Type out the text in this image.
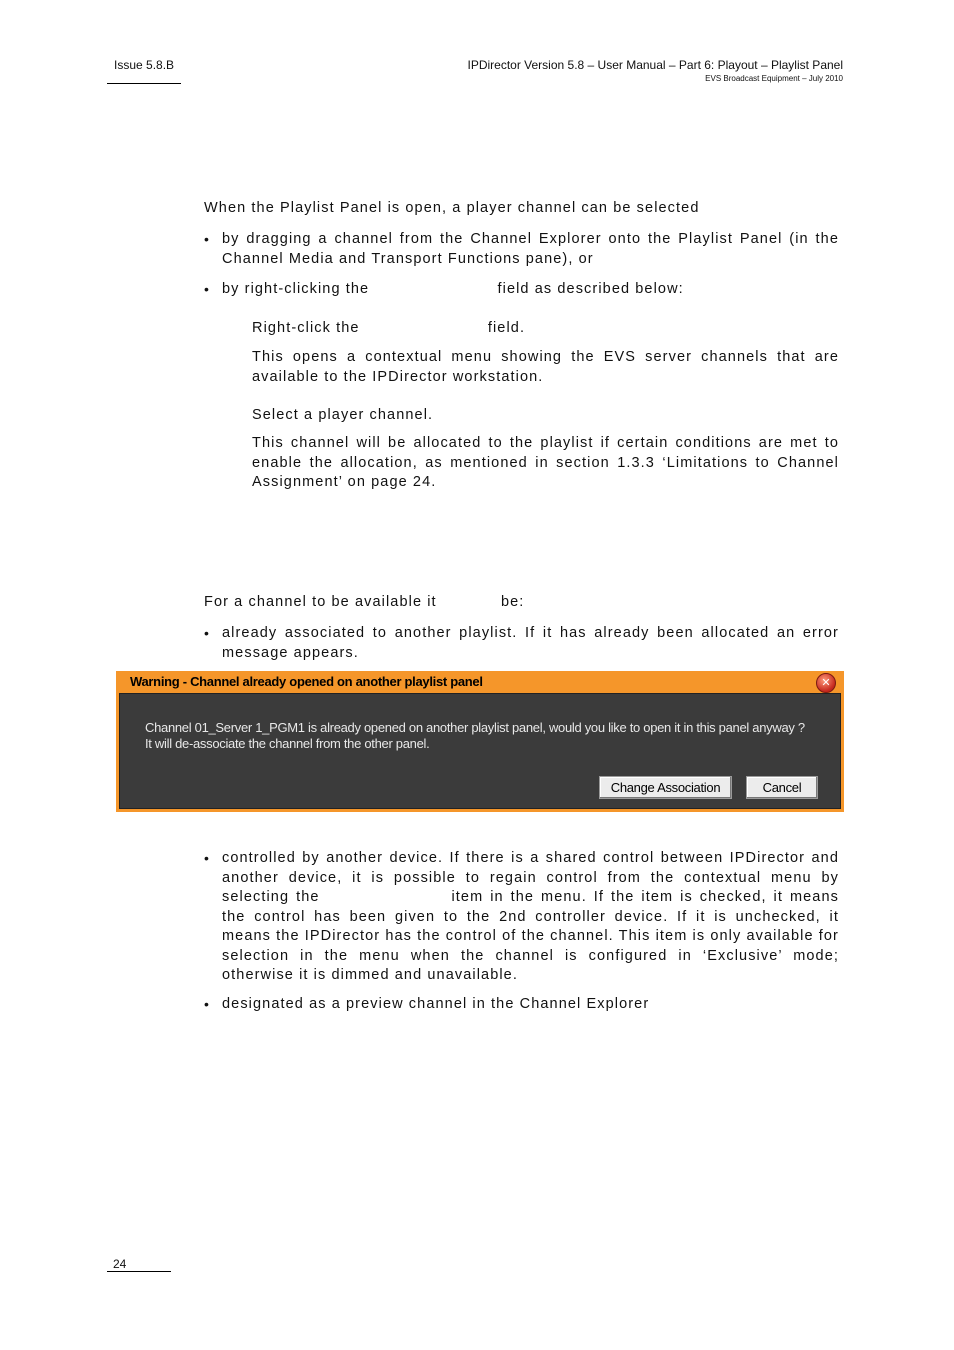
Issue 5.8.B	IPDirector Version 5.8 – User Manual – Part 6: Playout – Playlist Panel
EVS Broadcast Equipment – July 2010
When the Playlist Panel is open, a player channel can be selected
• by dragging a channel from the Channel Explorer onto the Playlist Panel (in the Channel Media and Transport Functions pane), or
• by right-clicking the	field as described below:
Right-click the	field.
This opens a contextual menu showing the EVS server channels that are available to the IPDirector workstation.
Select a player channel.
This channel will be allocated to the playlist if certain conditions are met to enable the allocation, as mentioned in section 1.3.3 ‘Limitations to Channel Assignment’ on page 24.
For a channel to be available it	be:
• already associated to another playlist. If it has already been allocated an error message appears.
Warning - Channel already opened on another playlist panel	✕
Channel 01_Server 1_PGM1 is already opened on another playlist panel, would you like to open it in this panel anyway ?
It will de-associate the channel from the other panel.
Change Association	Cancel
• controlled by another device. If there is a shared control between IPDirector and another device, it is possible to regain control from the contextual menu by selecting the	item in the menu. If the item is checked, it means the control has been given to the 2nd controller device. If it is unchecked, it means the IPDirector has the control of the channel. This item is only available for selection in the menu when the channel is configured in ‘Exclusive’ mode; otherwise it is dimmed and unavailable.
• designated as a preview channel in the Channel Explorer
24
